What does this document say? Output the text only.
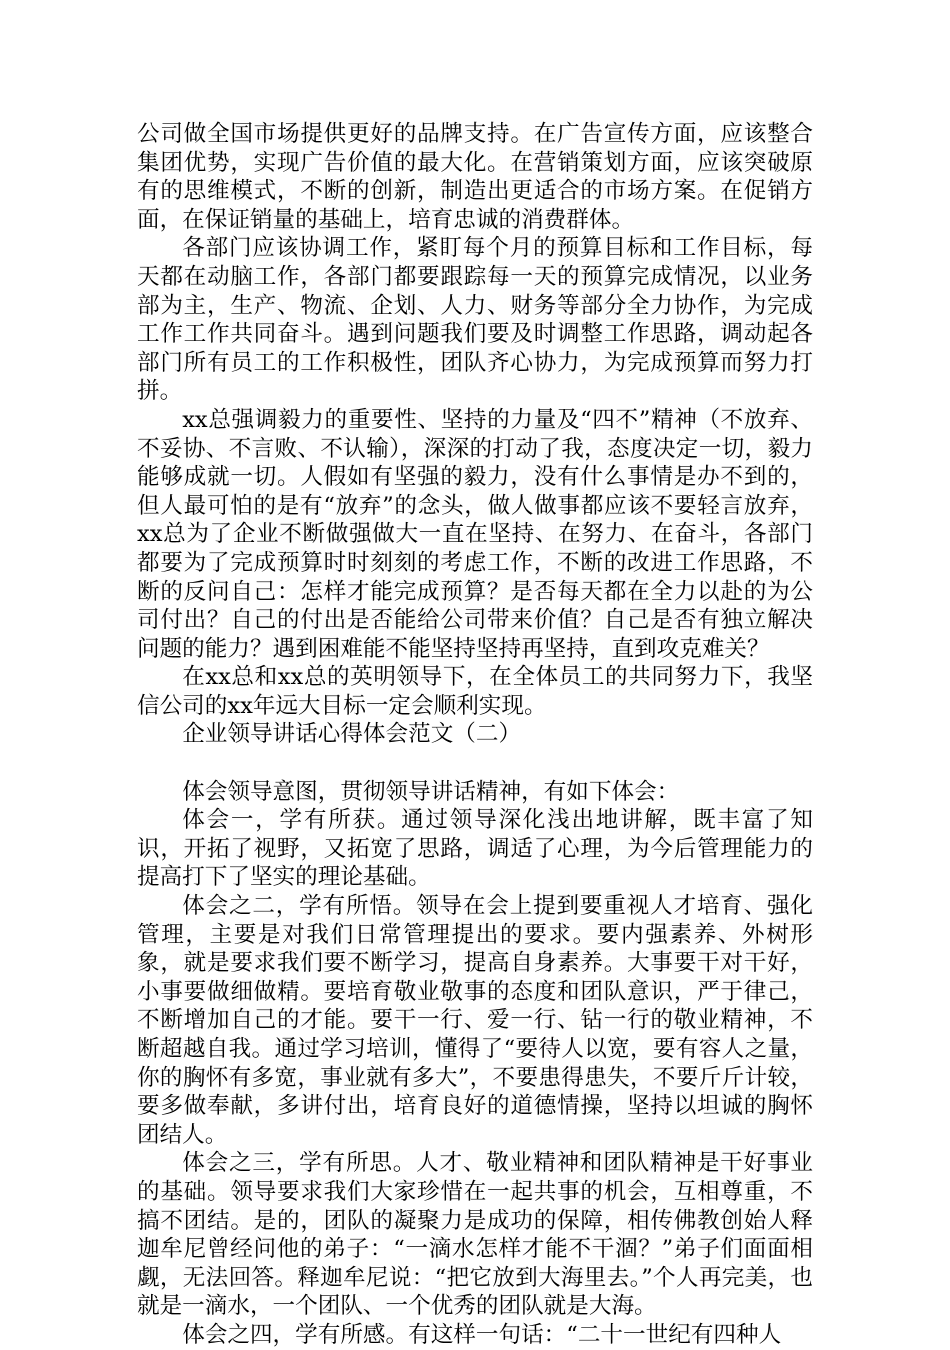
公司做全国市场提供更好的品牌支持。在广告宣传方面，应该整合集团优势，实现广告价值的最大化。在营销策划方面，应该突破原有的思维模式，不断的创新，制造出更适合的市场方案。在促销方面，在保证销量的基础上，培育忠诚的消费群体。

各部门应该协调工作，紧盯每个月的预算目标和工作目标，每天都在动脑工作，各部门都要跟踪每一天的预算完成情况，以业务部为主，生产、物流、企划、人力、财务等部分全力协作，为完成工作工作共同奋斗。遇到问题我们要及时调整工作思路，调动起各部门所有员工的工作积极性，团队齐心协力，为完成预算而努力打拼。

xx总强调毅力的重要性、坚持的力量及“四不”精神（不放弃、不妥协、不言败、不认输），深深的打动了我，态度决定一切，毅力能够成就一切。人假如有坚强的毅力，没有什么事情是办不到的，但人最可怕的是有“放弃”的念头，做人做事都应该不要轻言放弃，xx总为了企业不断做强做大一直在坚持、在努力、在奋斗，各部门都要为了完成预算时时刻刻的考虑工作，不断的改进工作思路，不断的反问自己：怎样才能完成预算？是否每天都在全力以赴的为公司付出？自己的付出是否能给公司带来价值？自己是否有独立解决问题的能力？遇到困难能不能坚持坚持再坚持，直到攻克难关？

在xx总和xx总的英明领导下，在全体员工的共同努力下，我坚信公司的xx年远大目标一定会顺利实现。

企业领导讲话心得体会范文（二）

体会领导意图，贯彻领导讲话精神，有如下体会：

体会一，学有所获。通过领导深化浅出地讲解，既丰富了知识，开拓了视野，又拓宽了思路，调适了心理，为今后管理能力的提高打下了坚实的理论基础。

体会之二，学有所悟。领导在会上提到要重视人才培育、强化管理，主要是对我们日常管理提出的要求。要内强素养、外树形象，就是要求我们要不断学习，提高自身素养。大事要干对干好，小事要做细做精。要培育敬业敬事的态度和团队意识，严于律己，不断增加自己的才能。要干一行、爱一行、钻一行的敬业精神，不断超越自我。通过学习培训，懂得了“要待人以宽，要有容人之量，你的胸怀有多宽，事业就有多大”，不要患得患失，不要斤斤计较，要多做奉献，多讲付出，培育良好的道德情操，坚持以坦诚的胸怀团结人。

体会之三，学有所思。人才、敬业精神和团队精神是干好事业的基础。领导要求我们大家珍惜在一起共事的机会，互相尊重，不搞不团结。是的，团队的凝聚力是成功的保障，相传佛教创始人释迦牟尼曾经问他的弟子：“一滴水怎样才能不干涸？”弟子们面面相觑，无法回答。释迦牟尼说：“把它放到大海里去。”个人再完美，也就是一滴水，一个团队、一个优秀的团队就是大海。

体会之四，学有所感。有这样一句话：“二十一世纪有四种人
